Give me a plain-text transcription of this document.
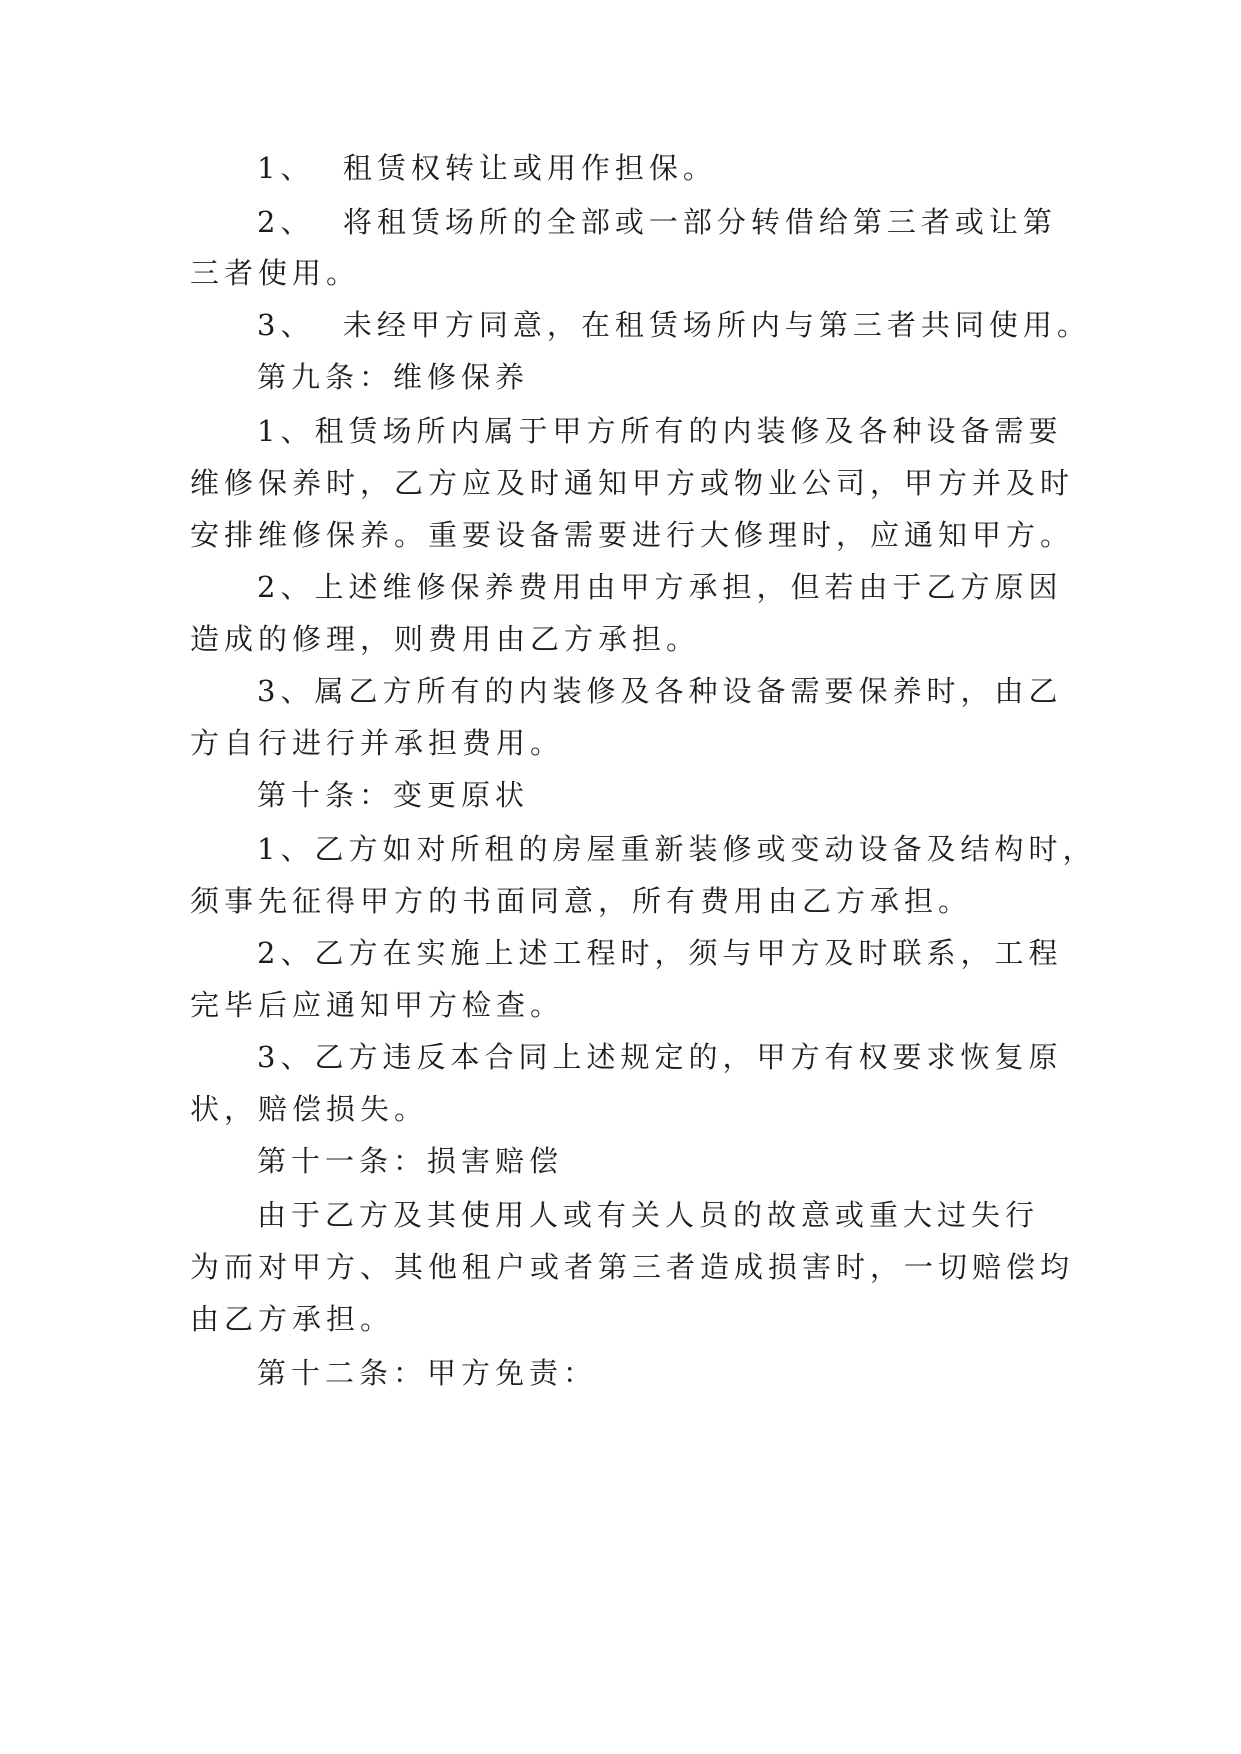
1、  租赁权转让或用作担保。
2、  将租赁场所的全部或一部分转借给第三者或让第
三者使用。
3、  未经甲方同意，在租赁场所内与第三者共同使用。
第九条：维修保养
1、租赁场所内属于甲方所有的内装修及各种设备需要
维修保养时，乙方应及时通知甲方或物业公司，甲方并及时
安排维修保养。重要设备需要进行大修理时，应通知甲方。
2、上述维修保养费用由甲方承担，但若由于乙方原因
造成的修理，则费用由乙方承担。
3、属乙方所有的内装修及各种设备需要保养时，由乙
方自行进行并承担费用。
第十条：变更原状
1、乙方如对所租的房屋重新装修或变动设备及结构时，
须事先征得甲方的书面同意，所有费用由乙方承担。
2、乙方在实施上述工程时，须与甲方及时联系，工程
完毕后应通知甲方检查。
3、乙方违反本合同上述规定的，甲方有权要求恢复原
状，赔偿损失。
第十一条：损害赔偿
由于乙方及其使用人或有关人员的故意或重大过失行
为而对甲方、其他租户或者第三者造成损害时，一切赔偿均
由乙方承担。
第十二条：甲方免责：
